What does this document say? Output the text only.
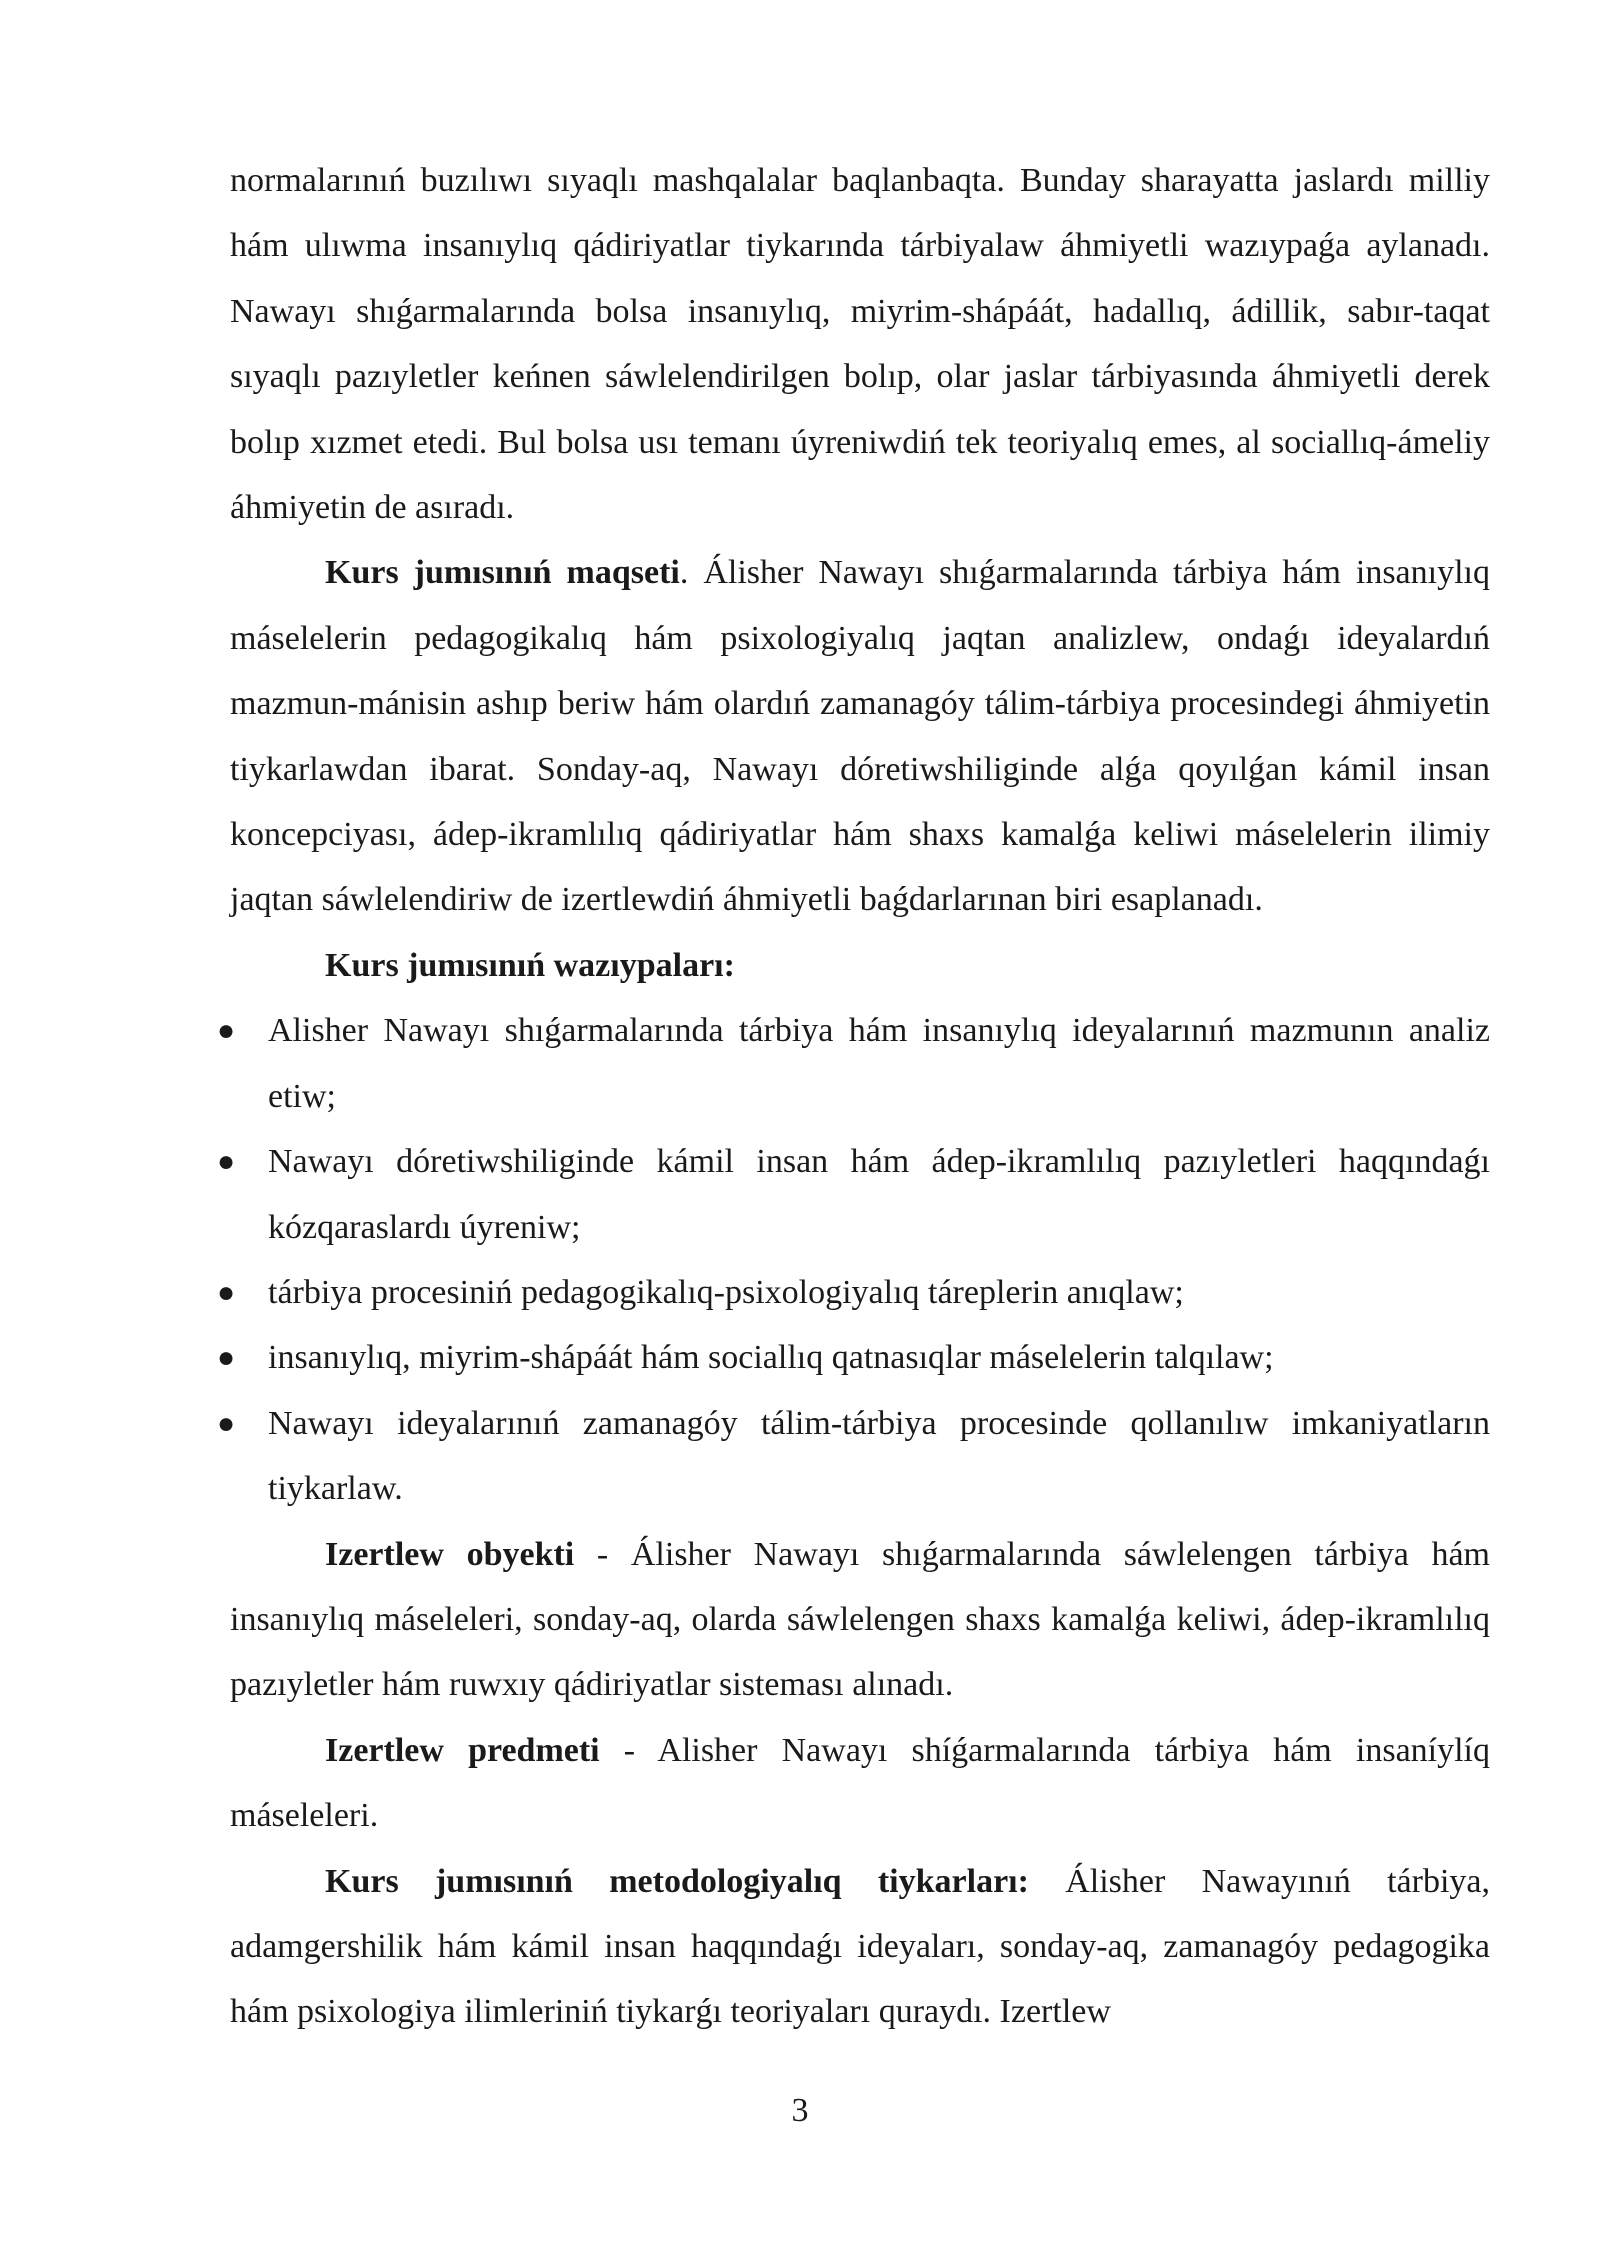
normalarınıń buzılıwı sıyaqlı mashqalalar baqlanbaqta. Bunday sharayatta jaslardı milliy hám ulıwma insanıylıq qádiriyatlar tiykarında tárbiyalaw áhmiyetli wazıypaǵa aylanadı. Nawayı shıǵarmalarında bolsa insanıylıq, miyrim-shápáát, hadallıq, ádillik, sabır-taqat sıyaqlı pazıyletler keńnen sáwlelendirilgen bolıp, olar jaslar tárbiyasında áhmiyetli derek bolıp xızmet etedi. Bul bolsa usı temanı úyreniwdiń tek teoriyalıq emes, al sociallıq-ámeliy áhmiyetin de asıradı.

Kurs jumısınıń maqseti. Álisher Nawayı shıǵarmalarında tárbiya hám insanıylıq máselelerin pedagogikalıq hám psixologiyalıq jaqtan analizlew, ondaǵı ideyalardıń mazmun-mánisin ashıp beriw hám olardıń zamanagóy tálim-tárbiya procesindegi áhmiyetin tiykarlawdan ibarat. Sonday-aq, Nawayı dóretiwshiliginde alǵa qoyılǵan kámil insan koncepciyası, ádep-ikramlılıq qádiriyatlar hám shaxs kamalǵa keliwi máselelerin ilimiy jaqtan sáwlelendiriw de izertlewdiń áhmiyetli baǵdarlarınan biri esaplanadı.

Kurs jumısınıń wazıypaları:

● Alisher Nawayı shıǵarmalarında tárbiya hám insanıylıq ideyalarınıń mazmunın analiz etiw;
● Nawayı dóretiwshiliginde kámil insan hám ádep-ikramlılıq pazıyletleri haqqındaǵı kózqaraslardı úyreniw;
● tárbiya procesiniń pedagogikalıq-psixologiyalıq táreplerin anıqlaw;
● insanıylıq, miyrim-shápáát hám sociallıq qatnasıqlar máselelerin talqılaw;
● Nawayı ideyalarınıń zamanagóy tálim-tárbiya procesinde qollanılıw imkaniyatların tiykarlaw.

Izertlew obyekti - Álisher Nawayı shıǵarmalarında sáwlelengen tárbiya hám insanıylıq máseleleri, sonday-aq, olarda sáwlelengen shaxs kamalǵa keliwi, ádep-ikramlılıq pazıyletler hám ruwxıy qádiriyatlar sisteması alınadı.

Izertlew predmeti - Alisher Nawayı shíǵarmalarında tárbiya hám insaníylíq máseleleri.

Kurs jumısınıń metodologiyalıq tiykarları: Álisher Nawayınıń tárbiya, adamgershilik hám kámil insan haqqındaǵı ideyaları, sonday-aq, zamanagóy pedagogika hám psixologiya ilimleriniń tiykarǵı teoriyaları quraydı. Izertlew

3
